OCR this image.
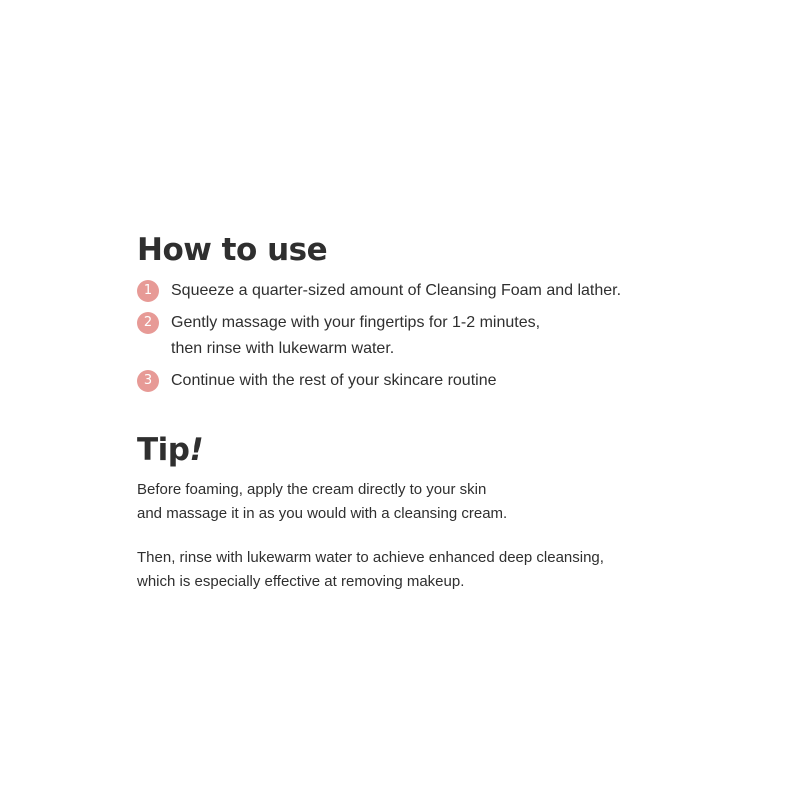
How to use
1	Squeeze a quarter-sized amount of Cleansing Foam and lather.
2	Gently massage with your fingertips for 1-2 minutes,
then rinse with lukewarm water.
3	Continue with the rest of your skincare routine
Tip!

Before foaming, apply the cream directly to your skin
and massage it in as you would with a cleansing cream.

Then, rinse with lukewarm water to achieve enhanced deep cleansing,
which is especially effective at removing makeup.
